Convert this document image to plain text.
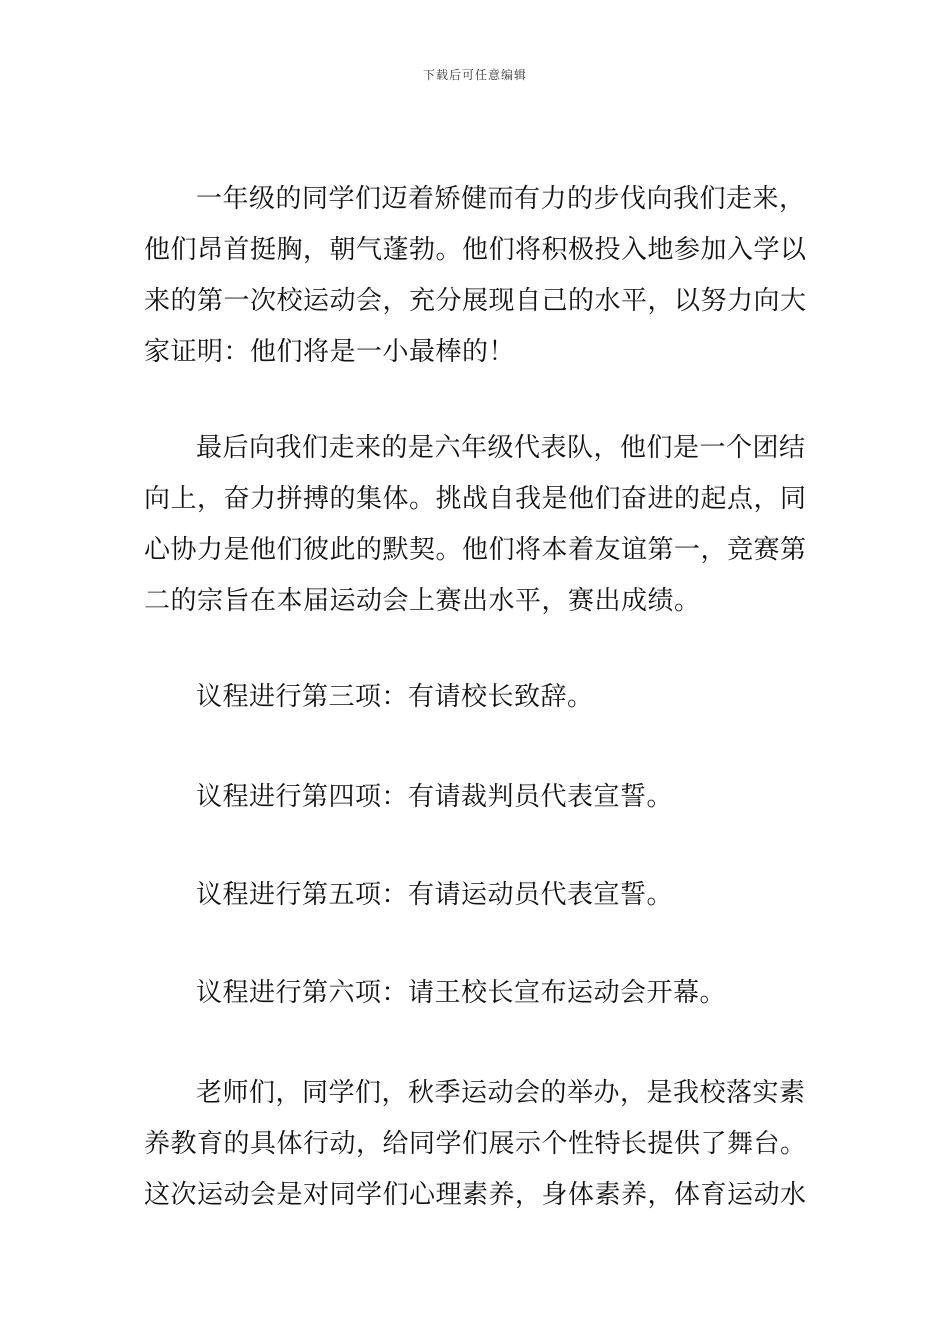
下载后可任意编辑

一年级的同学们迈着矫健而有力的步伐向我们走来，他们昂首挺胸，朝气蓬勃。他们将积极投入地参加入学以来的第一次校运动会，充分展现自己的水平，以努力向大家证明：他们将是一小最棒的！

最后向我们走来的是六年级代表队，他们是一个团结向上，奋力拼搏的集体。挑战自我是他们奋进的起点，同心协力是他们彼此的默契。他们将本着友谊第一，竞赛第二的宗旨在本届运动会上赛出水平，赛出成绩。

议程进行第三项：有请校长致辞。

议程进行第四项：有请裁判员代表宣誓。

议程进行第五项：有请运动员代表宣誓。

议程进行第六项：请王校长宣布运动会开幕。

老师们，同学们，秋季运动会的举办，是我校落实素养教育的具体行动，给同学们展示个性特长提供了舞台。这次运动会是对同学们心理素养，身体素养，体育运动水
